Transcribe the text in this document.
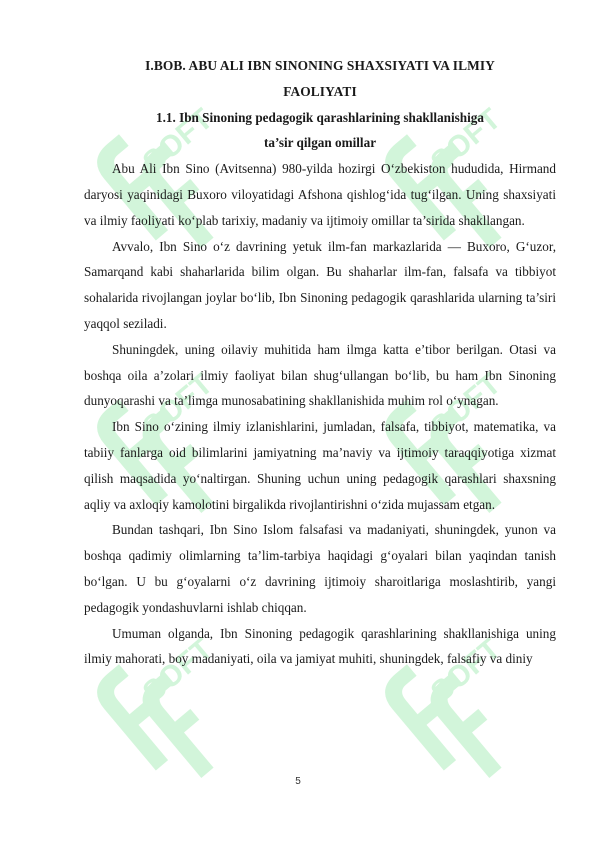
SOFT	SOFT
SOFT	SOFT
SOFT	SOFT

I.BOB. ABU ALI IBN SINONING SHAXSIYATI VA ILMIY

FAOLIYATI

1.1. Ibn Sinoning pedagogik qarashlarining shakllanishiga

ta’sir qilgan omillar

Abu Ali Ibn Sino (Avitsenna) 980-yilda hozirgi O‘zbekiston hududida, Hirmand daryosi yaqinidagi Buxoro viloyatidagi Afshona qishlog‘ida tug‘ilgan. Uning shaxsiyati va ilmiy faoliyati ko‘plab tarixiy, madaniy va ijtimoiy omillar ta’sirida shakllangan.

Avvalo, Ibn Sino o‘z davrining yetuk ilm-fan markazlarida — Buxoro, G‘uzor, Samarqand kabi shaharlarida bilim olgan. Bu shaharlar ilm-fan, falsafa va tibbiyot sohalarida rivojlangan joylar bo‘lib, Ibn Sinoning pedagogik qarashlarida ularning ta’siri yaqqol seziladi.

Shuningdek, uning oilaviy muhitida ham ilmga katta e’tibor berilgan. Otasi va boshqa oila a’zolari ilmiy faoliyat bilan shug‘ullangan bo‘lib, bu ham Ibn Sinoning dunyoqarashi va ta’limga munosabatining shakllanishida muhim rol o‘ynagan.

Ibn Sino o‘zining ilmiy izlanishlarini, jumladan, falsafa, tibbiyot, matematika, va tabiiy fanlarga oid bilimlarini jamiyatning ma’naviy va ijtimoiy taraqqiyotiga xizmat qilish maqsadida yo‘naltirgan. Shuning uchun uning pedagogik qarashlari shaxsning aqliy va axloqiy kamolotini birgalikda rivojlantirishni o‘zida mujassam etgan.

Bundan tashqari, Ibn Sino Islom falsafasi va madaniyati, shuningdek, yunon va boshqa qadimiy olimlarning ta’lim-tarbiya haqidagi g‘oyalari bilan yaqindan tanish bo‘lgan. U bu g‘oyalarni o‘z davrining ijtimoiy sharoitlariga moslashtirib, yangi pedagogik yondashuvlarni ishlab chiqqan.

Umuman olganda, Ibn Sinoning pedagogik qarashlarining shakllanishiga uning ilmiy mahorati, boy madaniyati, oila va jamiyat muhiti, shuningdek, falsafiy va diniy

5
